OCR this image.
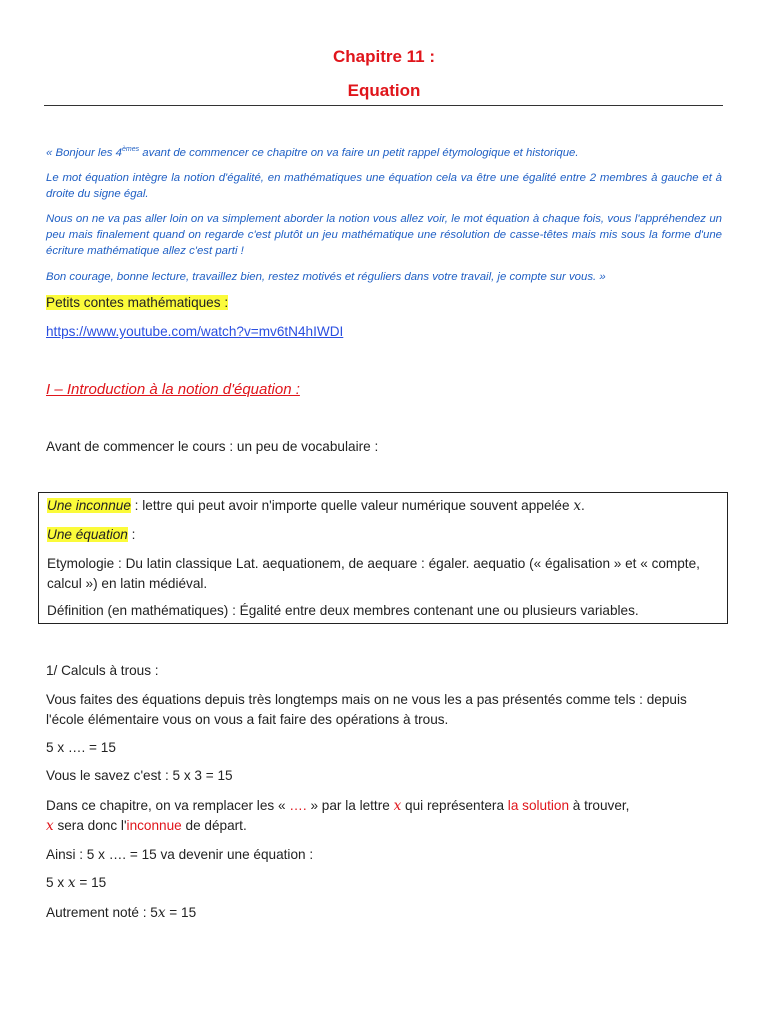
Chapitre 11 :
Equation
« Bonjour les 4èmes avant de commencer ce chapitre on va faire un petit rappel étymologique et historique.
Le mot équation intègre la notion d'égalité, en mathématiques une équation cela va être une égalité entre 2 membres à gauche et à droite du signe égal.
Nous on ne va pas aller loin on va simplement aborder la notion vous allez voir, le mot équation à chaque fois, vous l'appréhendez un peu mais finalement quand on regarde c'est plutôt un jeu mathématique une résolution de casse-têtes mais mis sous la forme d'une écriture mathématique allez c'est parti !
Bon courage, bonne lecture, travaillez bien, restez motivés et réguliers dans votre travail, je compte sur vous. »
Petits contes mathématiques :
https://www.youtube.com/watch?v=mv6tN4hIWDI
I – Introduction à la notion d'équation :
Avant de commencer le cours : un peu de vocabulaire :
Une inconnue : lettre qui peut avoir n'importe quelle valeur numérique souvent appelée x.
Une équation :
Etymologie : Du latin classique Lat. aequationem, de aequare : égaler. aequatio (« égalisation » et « compte, calcul ») en latin médiéval.
Définition (en mathématiques) : Égalité entre deux membres contenant une ou plusieurs variables.
1/ Calculs à trous :
Vous faites des équations depuis très longtemps mais on ne vous les a pas présentés comme tels : depuis l'école élémentaire vous on vous a fait faire des opérations à trous.
5 x …. = 15
Vous le savez c'est : 5 x 3 = 15
Dans ce chapitre, on va remplacer les « …. » par la lettre x qui représentera la solution à trouver,
x sera donc l'inconnue de départ.
Ainsi : 5 x …. = 15 va devenir une équation :
5 x x = 15
Autrement noté : 5x = 15
